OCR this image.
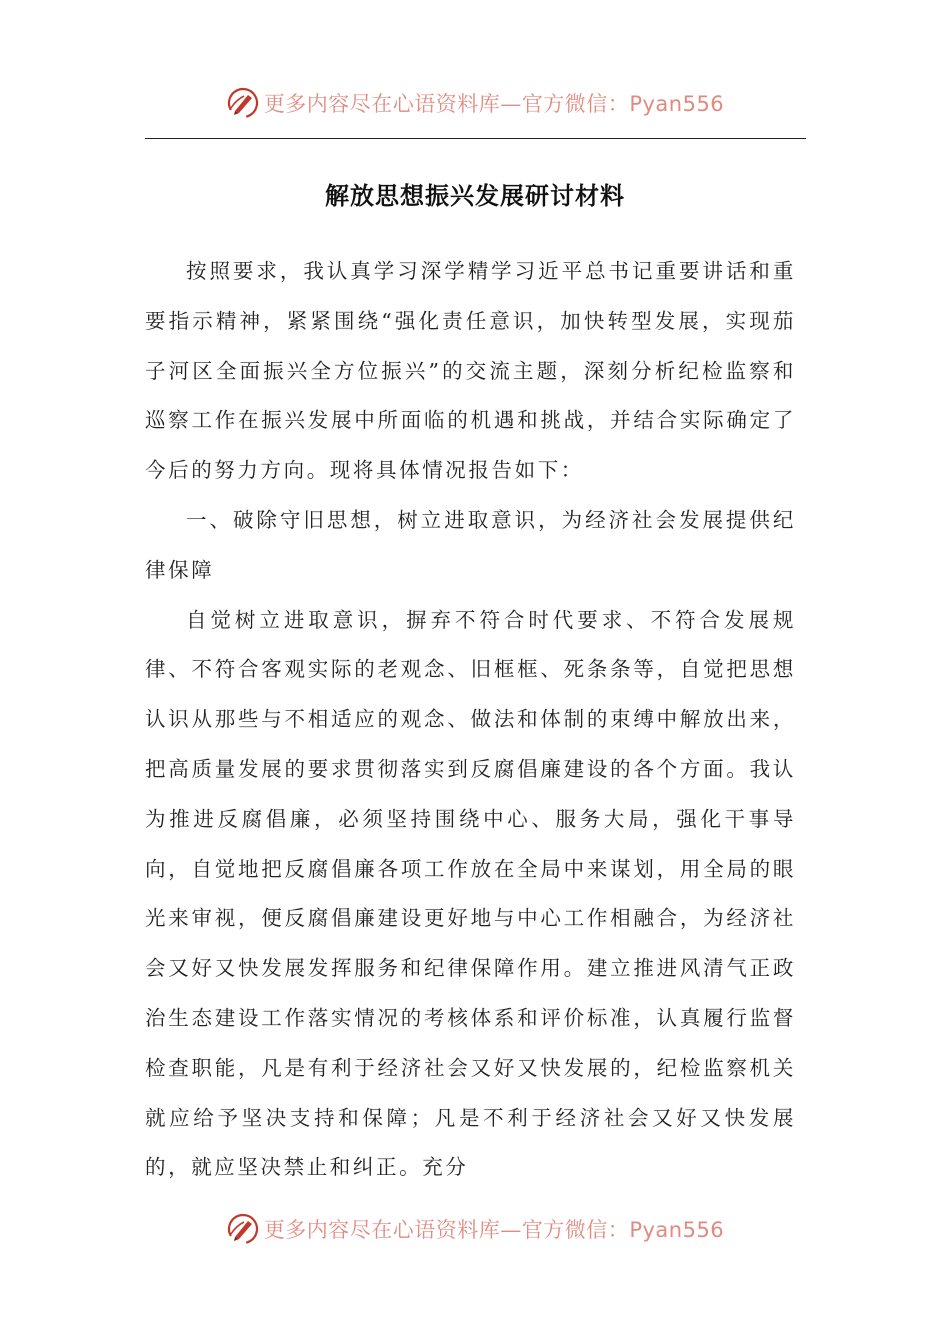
更多内容尽在心语资料库—官方微信：Pyan556
解放思想振兴发展研讨材料

按照要求，我认真学习深学精学习近平总书记重要讲话和重要指示精神，紧紧围绕“强化责任意识，加快转型发展，实现茄子河区全面振兴全方位振兴”的交流主题，深刻分析纪检监察和巡察工作在振兴发展中所面临的机遇和挑战，并结合实际确定了今后的努力方向。现将具体情况报告如下：

一、破除守旧思想，树立进取意识，为经济社会发展提供纪律保障

自觉树立进取意识，摒弃不符合时代要求、不符合发展规律、不符合客观实际的老观念、旧框框、死条条等，自觉把思想认识从那些与不相适应的观念、做法和体制的束缚中解放出来，把高质量发展的要求贯彻落实到反腐倡廉建设的各个方面。我认为推进反腐倡廉，必须坚持围绕中心、服务大局，强化干事导向，自觉地把反腐倡廉各项工作放在全局中来谋划，用全局的眼光来审视，便反腐倡廉建设更好地与中心工作相融合，为经济社会又好又快发展发挥服务和纪律保障作用。建立推进风清气正政治生态建设工作落实情况的考核体系和评价标准，认真履行监督检查职能，凡是有利于经济社会又好又快发展的，纪检监察机关就应给予坚决支持和保障；凡是不利于经济社会又好又快发展的，就应坚决禁止和纠正。充分

更多内容尽在心语资料库—官方微信：Pyan556
